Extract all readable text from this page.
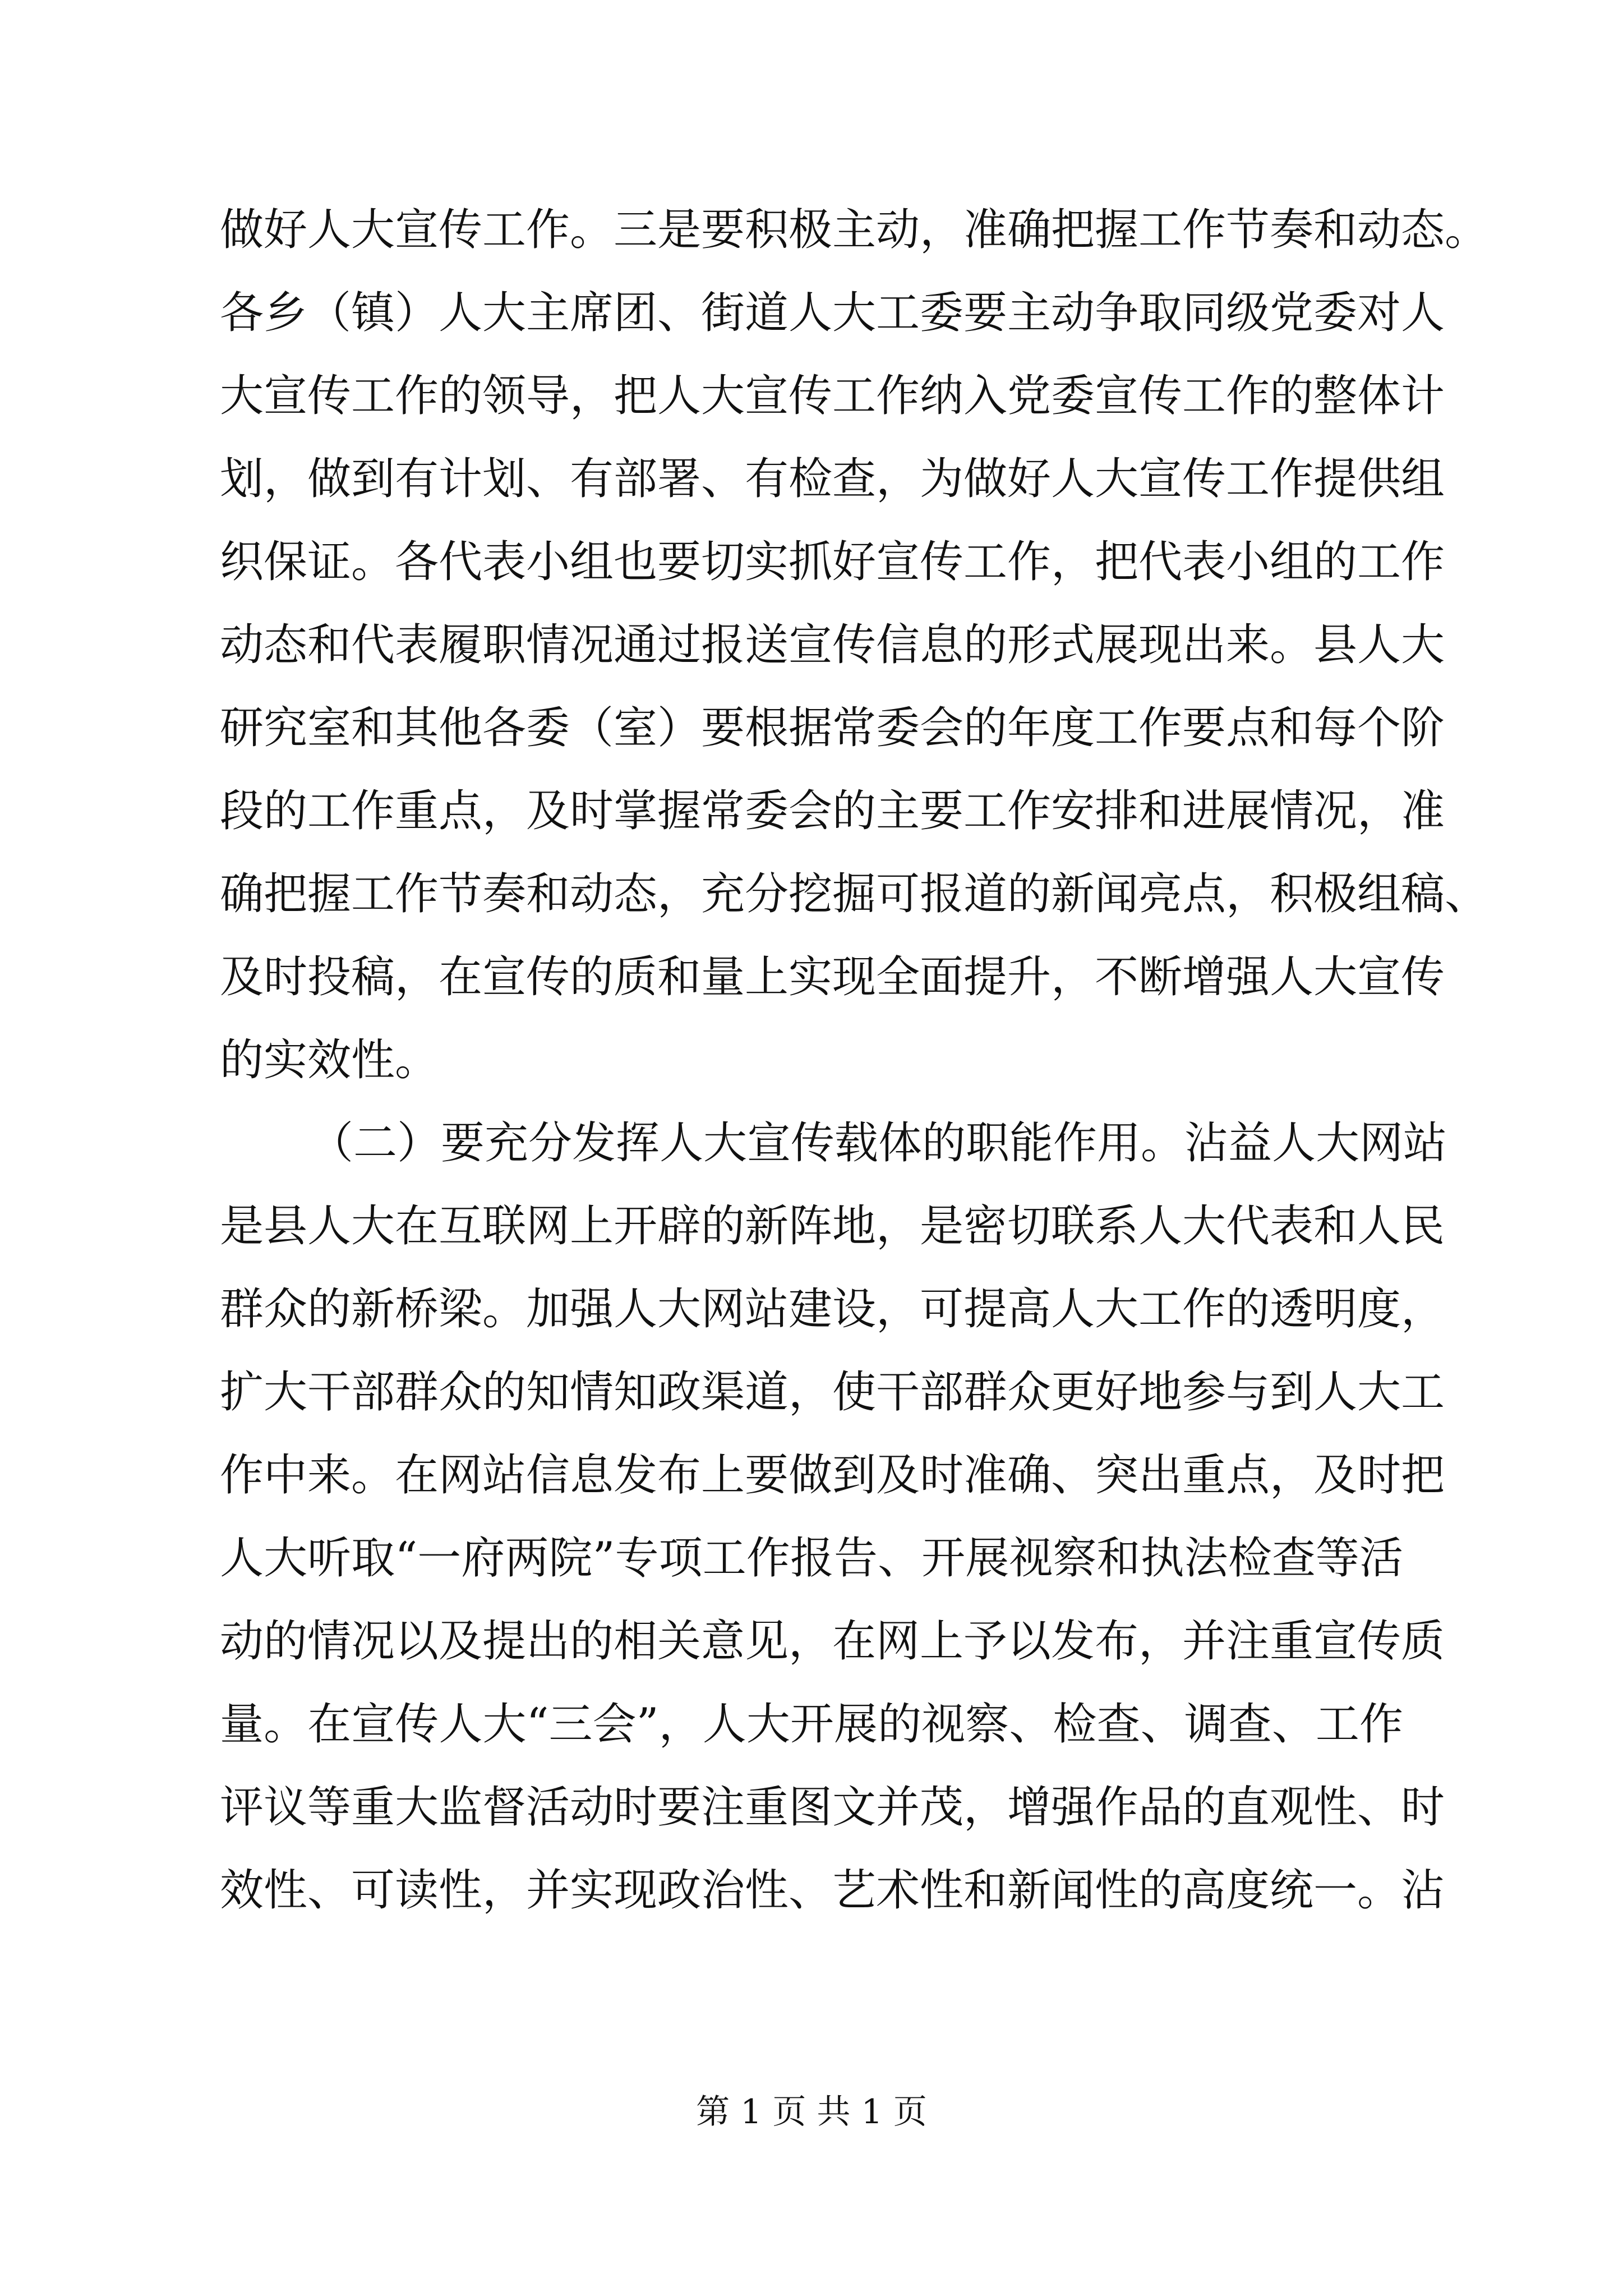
做好人大宣传工作。三是要积极主动，准确把握工作节奏和动态。
各乡（镇）人大主席团、街道人大工委要主动争取同级党委对人
大宣传工作的领导，把人大宣传工作纳入党委宣传工作的整体计
划，做到有计划、有部署、有检查，为做好人大宣传工作提供组
织保证。各代表小组也要切实抓好宣传工作，把代表小组的工作
动态和代表履职情况通过报送宣传信息的形式展现出来。县人大
研究室和其他各委（室）要根据常委会的年度工作要点和每个阶
段的工作重点，及时掌握常委会的主要工作安排和进展情况，准
确把握工作节奏和动态，充分挖掘可报道的新闻亮点，积极组稿、
及时投稿，在宣传的质和量上实现全面提升，不断增强人大宣传
的实效性。
（二）要充分发挥人大宣传载体的职能作用。沾益人大网站
是县人大在互联网上开辟的新阵地，是密切联系人大代表和人民
群众的新桥梁。加强人大网站建设，可提高人大工作的透明度，
扩大干部群众的知情知政渠道，使干部群众更好地参与到人大工
作中来。在网站信息发布上要做到及时准确、突出重点，及时把
人大听取“一府两院”专项工作报告、开展视察和执法检查等活
动的情况以及提出的相关意见，在网上予以发布，并注重宣传质
量。在宣传人大“三会”，人大开展的视察、检查、调查、工作
评议等重大监督活动时要注重图文并茂，增强作品的直观性、时
效性、可读性，并实现政治性、艺术性和新闻性的高度统一。沾
第 1 页 共 1 页
